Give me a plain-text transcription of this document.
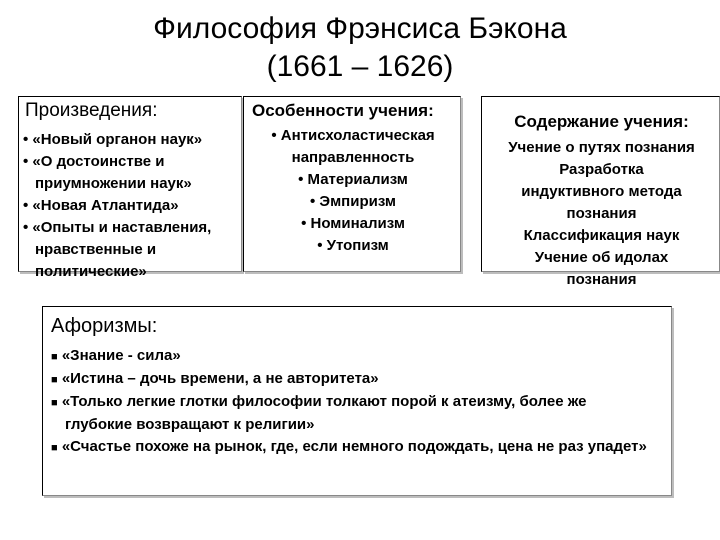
Философия Фрэнсиса Бэкона
(1661 – 1626)
Произведения:
• «Новый органон наук»
• «О достоинстве и приумножении наук»
• «Новая Атлантида»
• «Опыты и наставления, нравственные и политические»
Особенности учения:
• Антисхоластическая направленность
• Материализм
• Эмпиризм
• Номинализм
• Утопизм
Содержание учения:
Учение о путях познания
Разработка индуктивного метода познания
Классификация наук
Учение об идолах познания
Афоризмы:
■ «Знание - сила»
■ «Истина – дочь времени, а не авторитета»
■ «Только легкие глотки философии толкают порой к атеизму, более же глубокие возвращают к религии»
■ «Счастье похоже на рынок, где, если немного подождать, цена не раз упадет»
